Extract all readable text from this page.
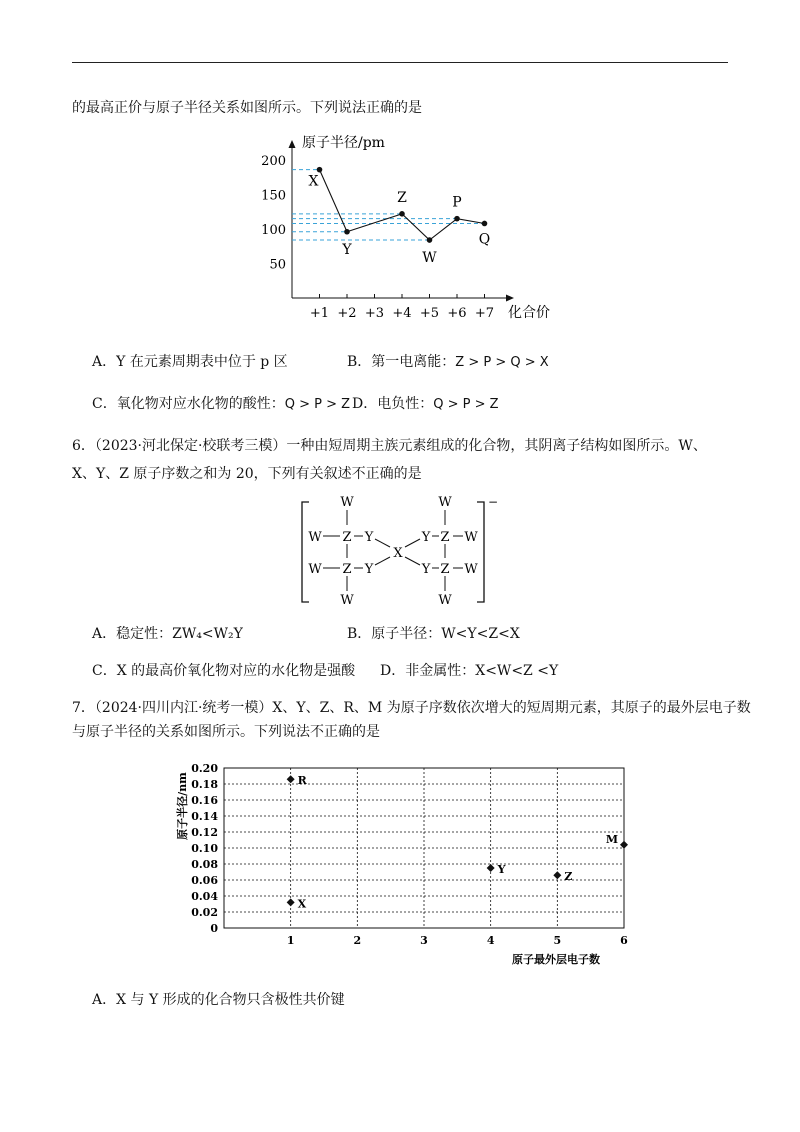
的最高正价与原子半径关系如图所示。下列说法正确的是
原子半径/pm
化合价
200
150
100
50
+1 +2 +3 +4 +5 +6 +7
X
Y
Z
W
P
Q
A．Y 在元素周期表中位于 p 区	B．第一电离能：Z > P > Q > X
C．氧化物对应水化物的酸性：Q > P > Z D．电负性：Q > P > Z
6．（2023·河北保定·校联考三模）一种由短周期主族元素组成的化合物，其阴离子结构如图所示。W、
X、Y、Z 原子序数之和为 20，下列有关叙述不正确的是
W
W
W
Z Y
X
Y Z W
W
Z Y	Y Z W
W	W
−
A．稳定性：ZW₄<W₂Y	B．原子半径：W<Y<Z<X
C．X 的最高价氧化物对应的水化物是强酸 D．非金属性：X<W<Z <Y
7．（2024·四川内江·统考一模）X、Y、Z、R、M 为原子序数依次增大的短周期元素，其原子的最外层电子数
与原子半径的关系如图所示。下列说法不正确的是
原子半径/nm
原子最外层电子数
0.20
0.18
0.16
0.14
0.12
0.10
0.08
0.06
0.04
0.02
0
1	2	3	4	5	6
X
R
Y
Z
M
A．X 与 Y 形成的化合物只含极性共价键
